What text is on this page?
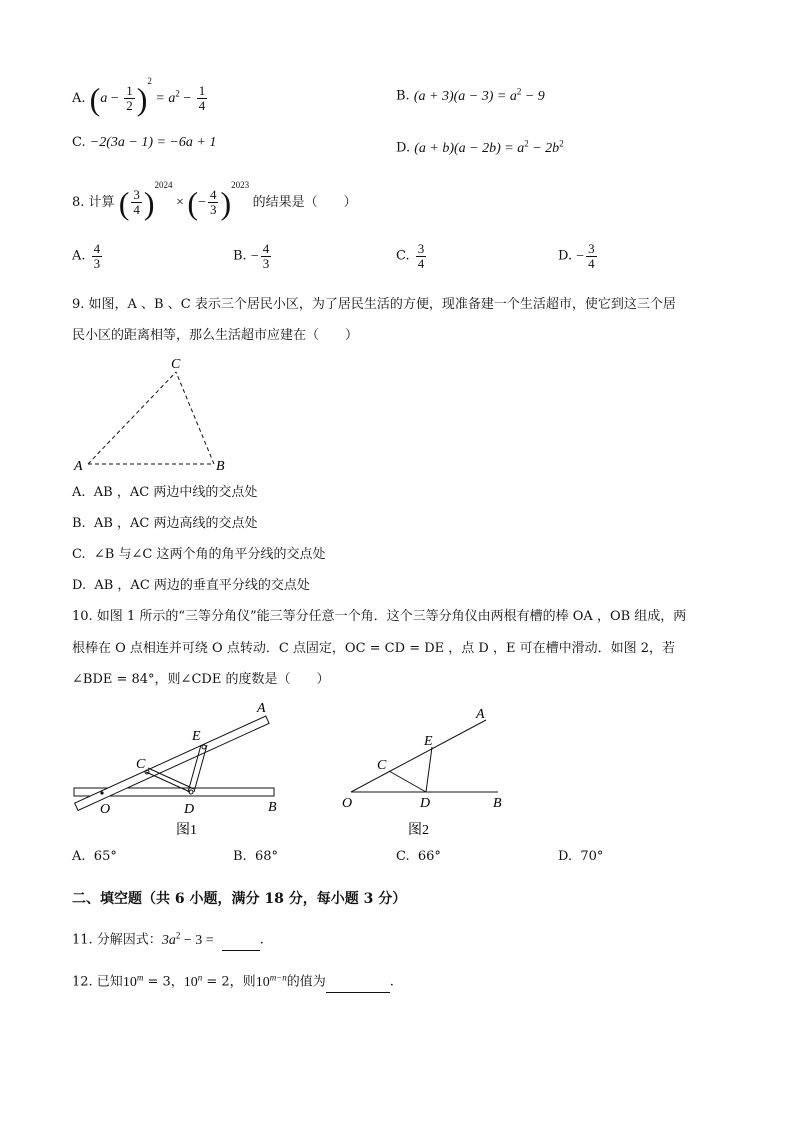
A. $(a - \frac{1}{2} )^2 = a^2 - \frac{1}{4}$	B. $(a + 3)(a - 3) = a^2 - 9$
C. −2(3a − 1) = −6a + 1	D. $(a + b)(a - 2b) = a^2 - 2b^2$
8. 计算 ( $\frac{3}{4} )^{2024}$ × (− $\frac{4}{3} )^{2023}$ 的结果是（　　）
A. $\frac{4}{3}$	B. − $\frac{4}{3}$	C. $\frac{3}{4}$	D. − $\frac{3}{4}$
9. 如图，A 、B 、C 表示三个居民小区，为了居民生活的方便，现准备建一个生活超市，使它到这三个居
民小区的距离相等，那么生活超市应建在（　　）
A	B
C
A. AB ，AC 两边中线的交点处
B. AB ，AC 两边高线的交点处
C. ∠B 与∠C 这两个角的角平分线的交点处
D. AB ，AC 两边的垂直平分线的交点处
10. 如图 1 所示的“三等分角仪”能三等分任意一个角．这个三等分角仪由两根有槽的棒 OA ，OB 组成，两
根棒在 O 点相连并可绕 O 点转动．C 点固定，OC = CD = DE ，点 D ，E 可在槽中滑动．如图 2，若
∠BDE = 84°，则∠CDE 的度数是（　　）
O	D	B
C
E
A
图1
O	D	B
C
E
A
图2
A. 65°	B. 68°	C. 66°	D. 70°
二、填空题（共 6 小题，满分 18 分，每小题 3 分）
11. 分解因式：$3a^2 - 3$ =	.
12. 已知$10^m = 3$，$10^n = 2$，则$10^{m-n}$的值为	.
